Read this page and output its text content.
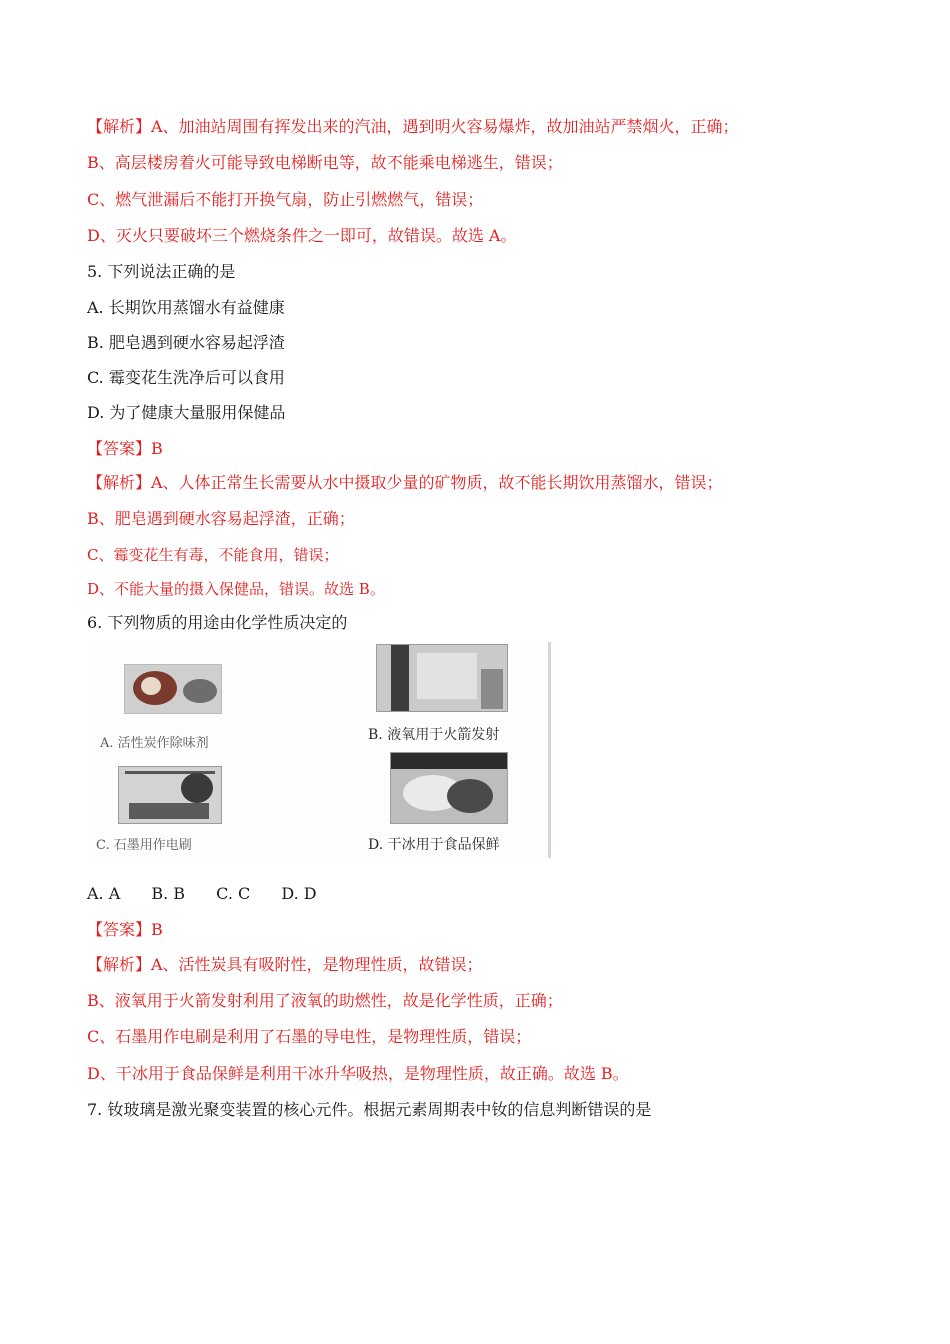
【解析】A、加油站周围有挥发出来的汽油，遇到明火容易爆炸，故加油站严禁烟火，正确；
B、高层楼房着火可能导致电梯断电等，故不能乘电梯逃生，错误；
C、燃气泄漏后不能打开换气扇，防止引燃燃气，错误；
D、灭火只要破坏三个燃烧条件之一即可，故错误。故选 A。
5. 下列说法正确的是
A. 长期饮用蒸馏水有益健康
B. 肥皂遇到硬水容易起浮渣
C. 霉变花生洗净后可以食用
D. 为了健康大量服用保健品
【答案】B
【解析】A、人体正常生长需要从水中摄取少量的矿物质，故不能长期饮用蒸馏水，错误；
B、肥皂遇到硬水容易起浮渣，正确；
C、霉变花生有毒，不能食用，错误；
D、不能大量的摄入保健品，错误。故选 B。
6. 下列物质的用途由化学性质决定的
A. 活性炭作除味剂
B. 液氧用于火箭发射
C. 石墨用作电刷	D. 干冰用于食品保鲜
A. A B. B C. C D. D
【答案】B
【解析】A、活性炭具有吸附性，是物理性质，故错误；
B、液氧用于火箭发射利用了液氧的助燃性，故是化学性质，正确；
C、石墨用作电刷是利用了石墨的导电性，是物理性质，错误；
D、干冰用于食品保鲜是利用干冰升华吸热，是物理性质，故正确。故选 B。
7. 钕玻璃是激光聚变装置的核心元件。根据元素周期表中钕的信息判断错误的是
